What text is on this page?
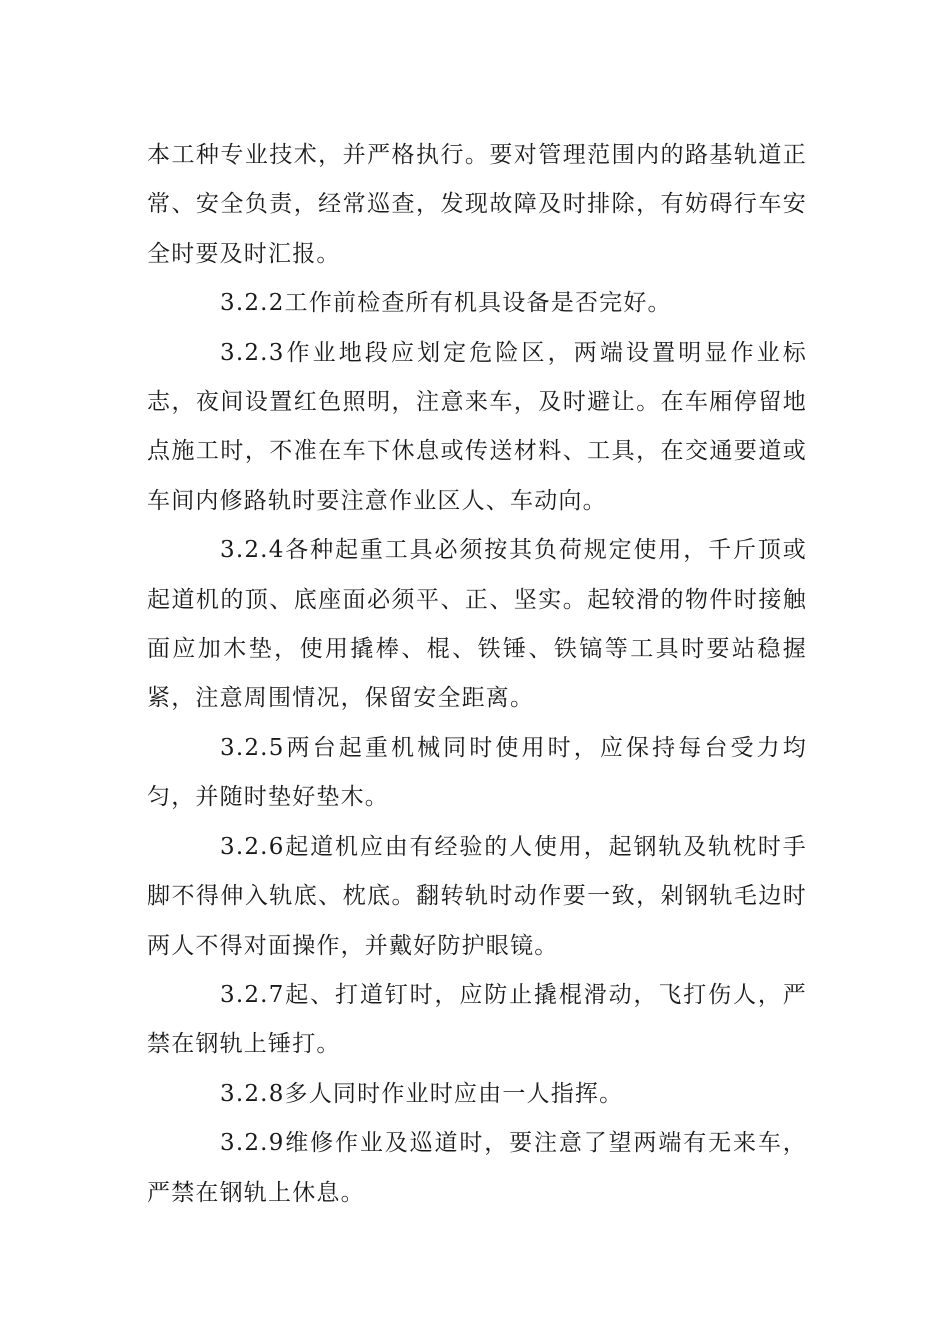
本工种专业技术，并严格执行。要对管理范围内的路基轨道正常、安全负责，经常巡查，发现故障及时排除，有妨碍行车安全时要及时汇报。

3.2.2工作前检查所有机具设备是否完好。

3.2.3作业地段应划定危险区，两端设置明显作业标志，夜间设置红色照明，注意来车，及时避让。在车厢停留地点施工时，不准在车下休息或传送材料、工具，在交通要道或车间内修路轨时要注意作业区人、车动向。

3.2.4各种起重工具必须按其负荷规定使用，千斤顶或起道机的顶、底座面必须平、正、坚实。起较滑的物件时接触面应加木垫，使用撬棒、棍、铁锤、铁镐等工具时要站稳握紧，注意周围情况，保留安全距离。

3.2.5两台起重机械同时使用时，应保持每台受力均匀，并随时垫好垫木。

3.2.6起道机应由有经验的人使用，起钢轨及轨枕时手脚不得伸入轨底、枕底。翻转轨时动作要一致，剁钢轨毛边时两人不得对面操作，并戴好防护眼镜。

3.2.7起、打道钉时，应防止撬棍滑动，飞打伤人，严禁在钢轨上锤打。

3.2.8多人同时作业时应由一人指挥。

3.2.9维修作业及巡道时，要注意了望两端有无来车，严禁在钢轨上休息。
